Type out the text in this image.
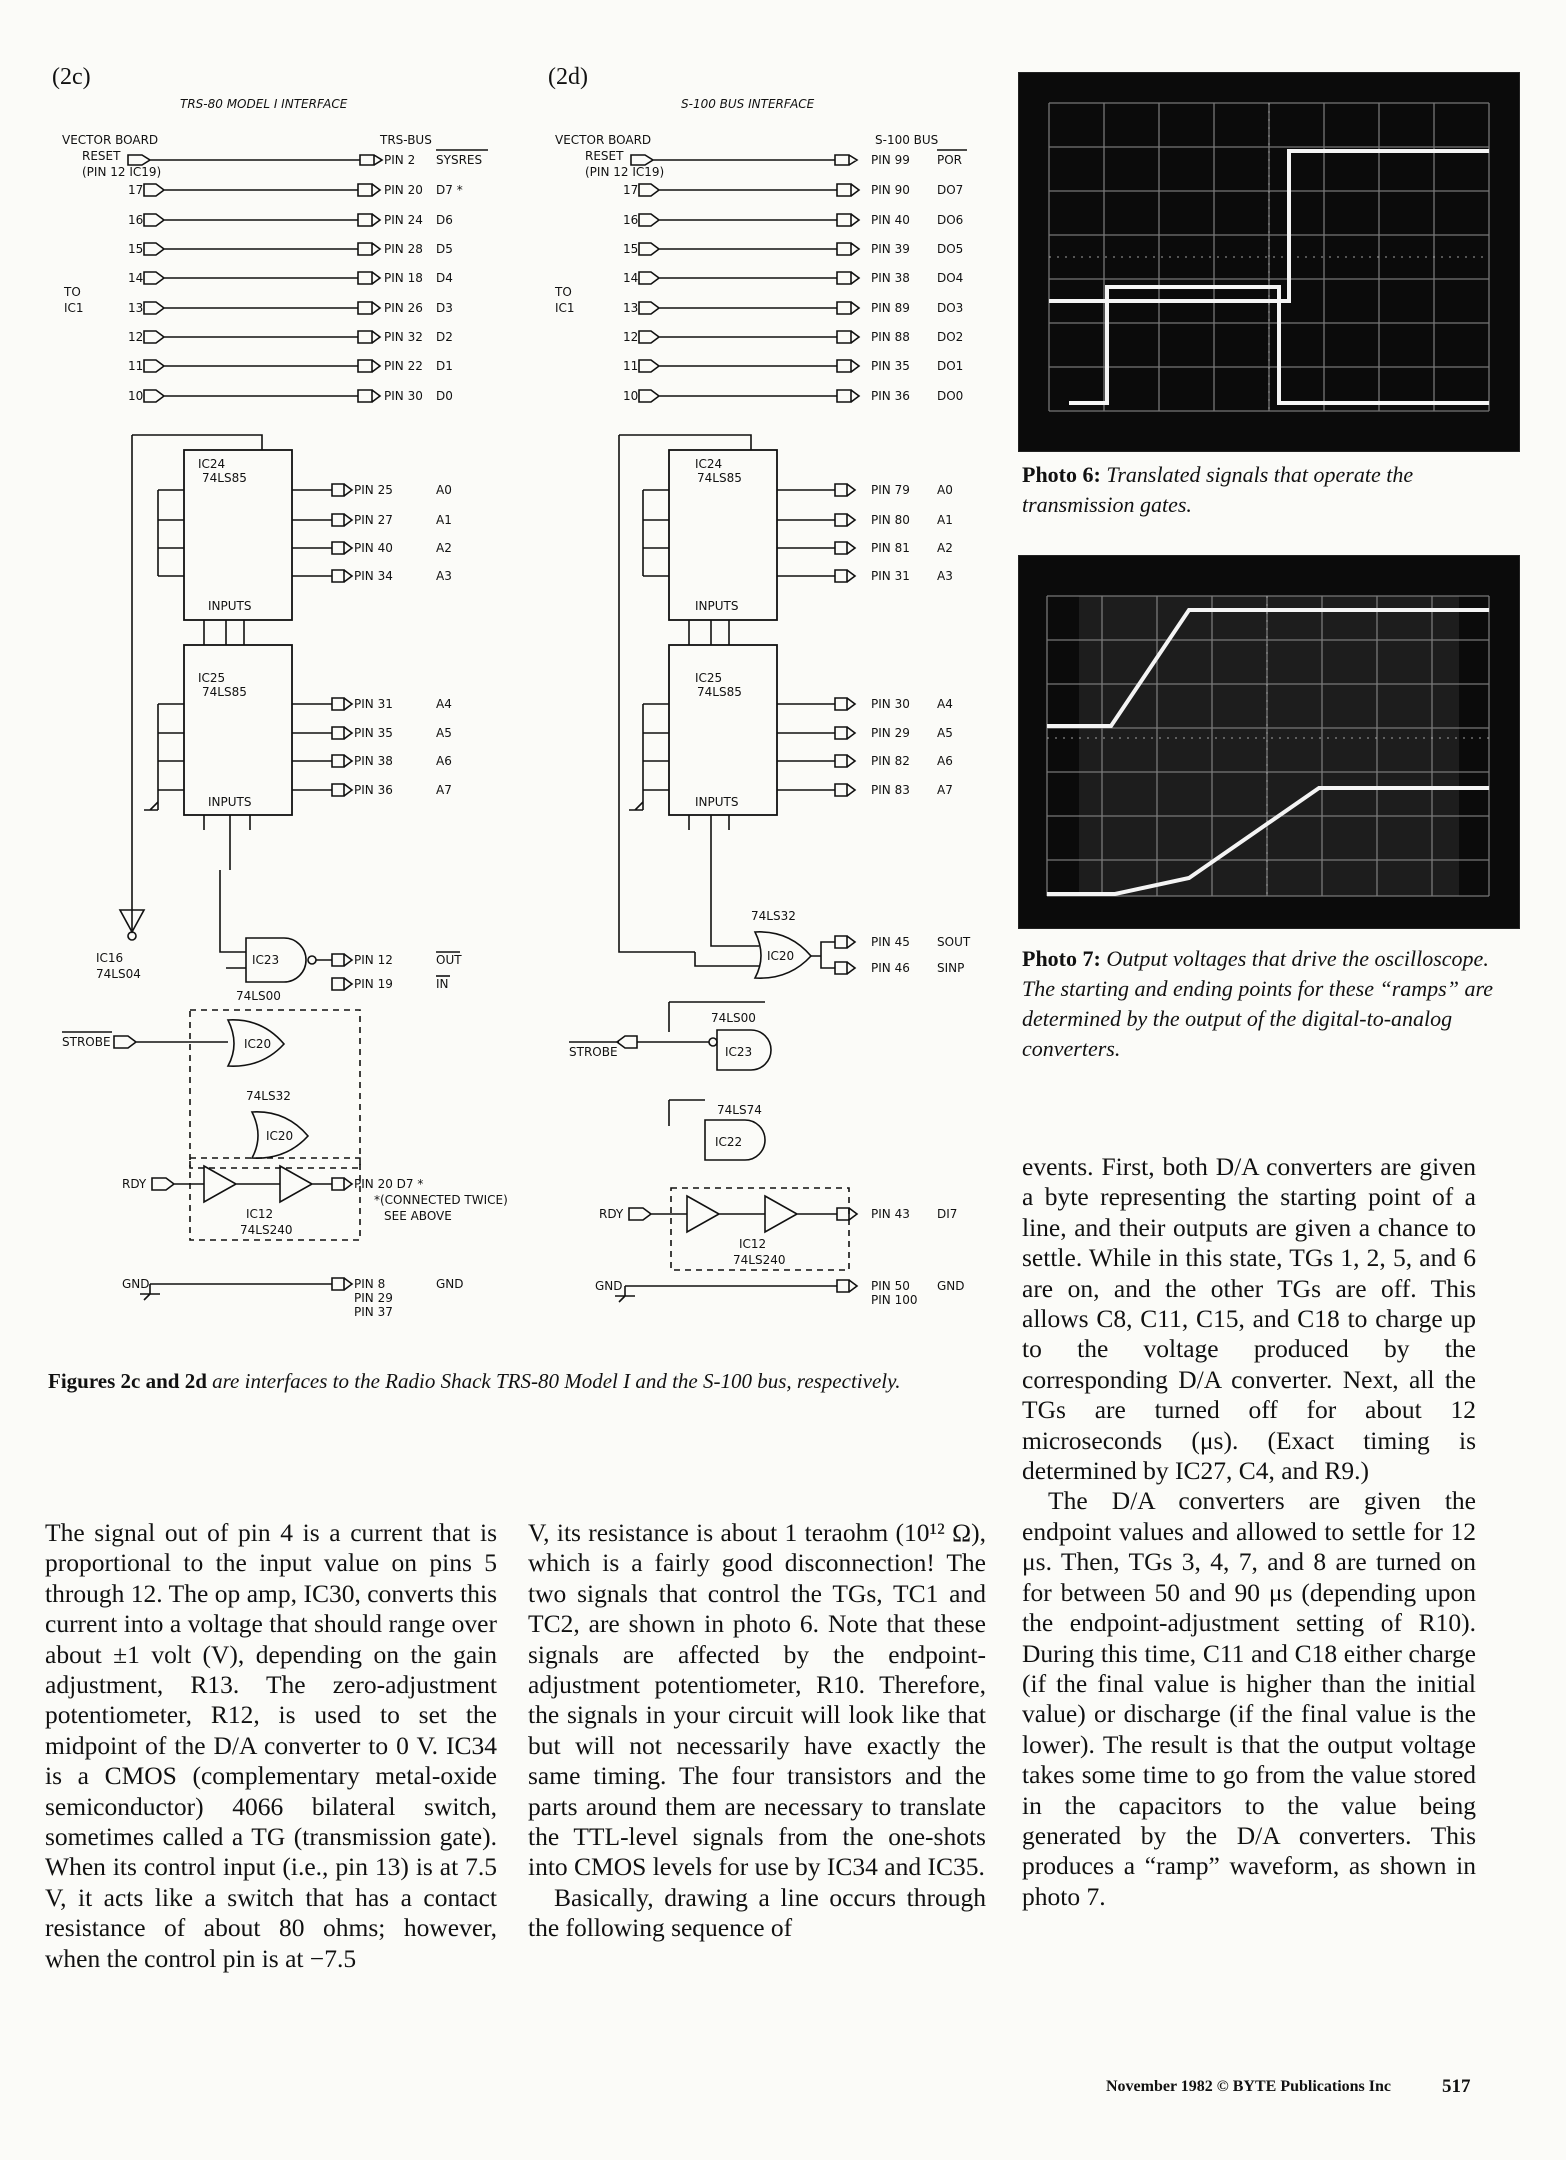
(2c)
TRS-80 MODEL I INTERFACE
VECTOR BOARD	TRS-BUS
RESET
(PIN 12 IC19)
PIN 2 SYSRES
TO
IC1
17	PIN 20 D7 *
16	PIN 24 D6
15	PIN 28 D5
14	PIN 18 D4
13	PIN 26 D3
12	PIN 32 D2
11	PIN 22 D1
10	PIN 30 D0
IC24
74LS85
INPUTS
PIN 25	A0
PIN 27	A1
PIN 40	A2
PIN 34	A3
IC25
74LS85
INPUTS
PIN 31	A4
PIN 35	A5
PIN 38	A6
PIN 36	A7
IC16
74LS04
IC23
74LS00
PIN 12	OUT
PIN 19	IN
STROBE	IC20
74LS32
IC20
RDY
IC12
74LS240
PIN 20 D7 *
*(CONNECTED TWICE)
SEE ABOVE
GND	PIN 8
PIN 29
PIN 37
GND
(2d)
S-100 BUS INTERFACE
VECTOR BOARD	S-100 BUS
RESET
(PIN 12 IC19)
PIN 99 POR
TO
IC1
17	PIN 90 DO7
16	PIN 40 DO6
15	PIN 39 DO5
14	PIN 38 DO4
13	PIN 89 DO3
12	PIN 88 DO2
11	PIN 35 DO1
10	PIN 36 DO0
IC24
74LS85
INPUTS
PIN 79 A0
PIN 80 A1
PIN 81 A2
PIN 31 A3
IC25
74LS85
INPUTS
PIN 30 A4
PIN 29 A5
PIN 82 A6
PIN 83 A7
74LS32
IC20
PIN 45 SOUT
PIN 46 SINP
74LS00
IC23
STROBE
74LS74
IC22
RDY
IC12
74LS240
PIN 43 DI7
GND	PIN 50
PIN 100
GND
Photo 6: Translated signals that operate the transmission gates.
Photo 7: Output voltages that drive the oscilloscope. The starting and ending points for these “ramps” are determined by the output of the digital-to-analog converters.
Figures 2c and 2d are interfaces to the Radio Shack TRS-80 Model I and the S-100 bus, respectively.

The signal out of pin 4 is a current that is proportional to the input value on pins 5 through 12. The op amp, IC30, converts this current into a voltage that should range over about ±1 volt (V), depending on the gain adjustment, R13. The zero-adjustment potentiometer, R12, is used to set the midpoint of the D/A converter to 0 V. IC34 is a CMOS (complementary metal-oxide semiconductor) 4066 bilateral switch, sometimes called a TG (transmission gate). When its control input (i.e., pin 13) is at 7.5 V, it acts like a switch that has a contact resistance of about 80 ohms; however, when the control pin is at −7.5

V, its resistance is about 1 teraohm (10¹² Ω), which is a fairly good disconnection! The two signals that control the TGs, TC1 and TC2, are shown in photo 6. Note that these signals are affected by the endpoint-adjustment potentiometer, R10. Therefore, the signals in your circuit will look like that but will not necessarily have exactly the same timing. The four transistors and the parts around them are necessary to translate the TTL-level signals from the one-shots into CMOS levels for use by IC34 and IC35.

Basically, drawing a line occurs through the following sequence of

events. First, both D/A converters are given a byte representing the starting point of a line, and their outputs are given a chance to settle. While in this state, TGs 1, 2, 5, and 6 are on, and the other TGs are off. This allows C8, C11, C15, and C18 to charge up to the voltage produced by the corresponding D/A converter. Next, all the TGs are turned off for about 12 microseconds (μs). (Exact timing is determined by IC27, C4, and R9.)

The D/A converters are given the endpoint values and allowed to settle for 12 μs. Then, TGs 3, 4, 7, and 8 are turned on for between 50 and 90 μs (depending upon the endpoint-adjustment setting of R10). During this time, C11 and C18 either charge (if the final value is higher than the initial value) or discharge (if the final value is the lower). The result is that the output voltage takes some time to go from the value stored in the capacitors to the value being generated by the D/A converters. This produces a “ramp” waveform, as shown in photo 7.

November 1982 © BYTE Publications Inc	517
